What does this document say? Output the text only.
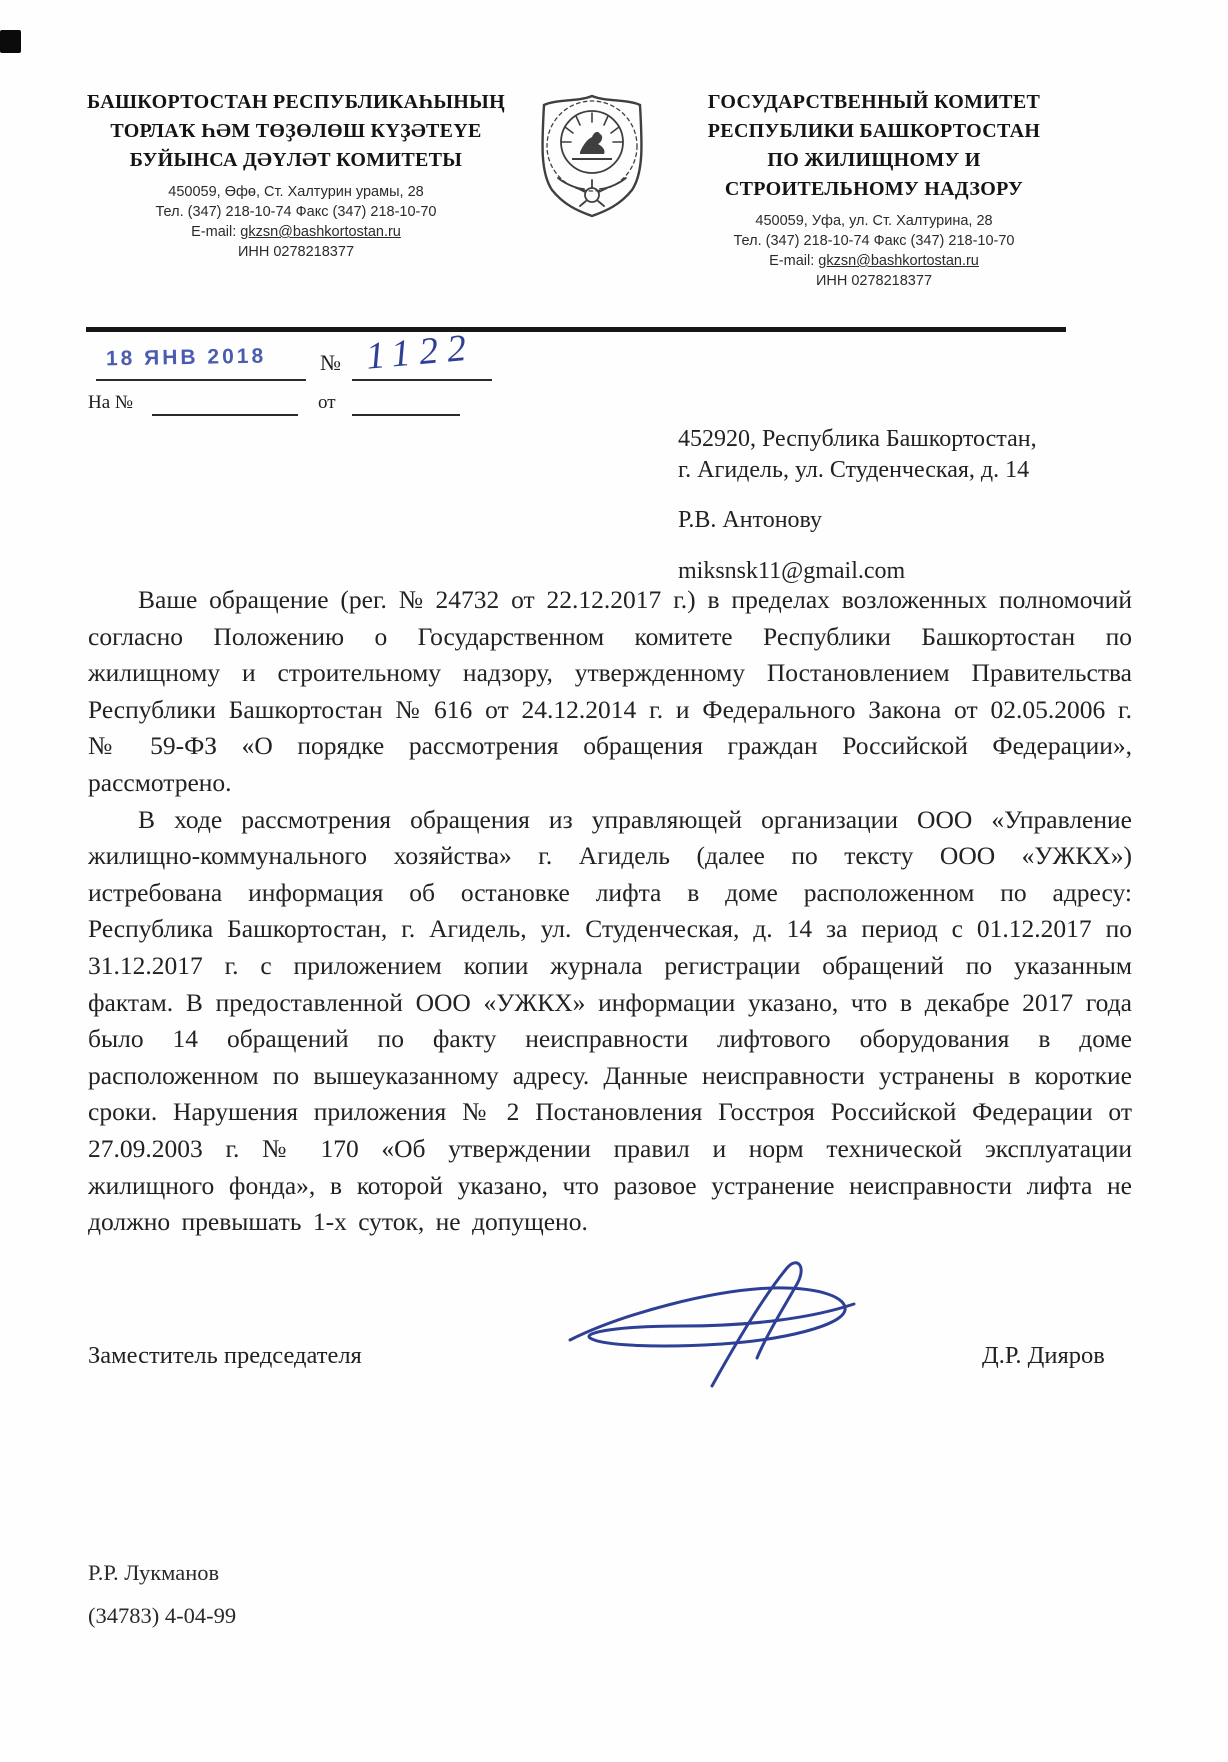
БАШКОРТОСТАН РЕСПУБЛИКАҺЫНЫҢ
ТОРЛАҠ ҺӘМ ТӨҘӨЛӨШ КҮҘӘТЕҮЕ
БУЙЫНСА ДӘҮЛӘТ КОМИТЕТЫ
450059, Өфө, Ст. Халтурин урамы, 28
Тел. (347) 218-10-74 Факс (347) 218-10-70
E-mail: gkzsn@bashkortostan.ru
ИНН 0278218377
ГОСУДАРСТВЕННЫЙ КОМИТЕТ
РЕСПУБЛИКИ БАШКОРТОСТАН
ПО ЖИЛИЩНОМУ И
СТРОИТЕЛЬНОМУ НАДЗОРУ
450059, Уфа, ул. Ст. Халтурина, 28
Тел. (347) 218-10-74 Факс (347) 218-10-70
E-mail: gkzsn@bashkortostan.ru
ИНН 0278218377
18 ЯНВ 2018 № 1122
На №	от
452920, Республика Башкортостан,
г. Агидель, ул. Студенческая, д. 14
Р.В. Антонову
miksnsk11@gmail.com

Ваше обращение (рег. № 24732 от 22.12.2017 г.) в пределах возложенных полномочий согласно Положению о Государственном комитете Республики Башкортостан по жилищному и строительному надзору, утвержденному Постановлением Правительства Республики Башкортостан № 616 от 24.12.2014 г. и Федерального Закона от 02.05.2006 г. № 59-ФЗ «О порядке рассмотрения обращения граждан Российской Федерации», рассмотрено.

В ходе рассмотрения обращения из управляющей организации ООО «Управление жилищно-коммунального хозяйства» г. Агидель (далее по тексту ООО «УЖКХ») истребована информация об остановке лифта в доме расположенном по адресу: Республика Башкортостан, г. Агидель, ул. Студенческая, д. 14 за период с 01.12.2017 по 31.12.2017 г. с приложением копии журнала регистрации обращений по указанным фактам. В предоставленной ООО «УЖКХ» информации указано, что в декабре 2017 года было 14 обращений по факту неисправности лифтового оборудования в доме расположенном по вышеуказанному адресу. Данные неисправности устранены в короткие сроки. Нарушения приложения № 2 Постановления Госстроя Российской Федерации от 27.09.2003 г. № 170 «Об утверждении правил и норм технической эксплуатации жилищного фонда», в которой указано, что разовое устранение неисправности лифта не должно превышать 1-х суток, не допущено.

Заместитель председателя	Д.Р. Дияров
Р.Р. Лукманов
(34783) 4-04-99
